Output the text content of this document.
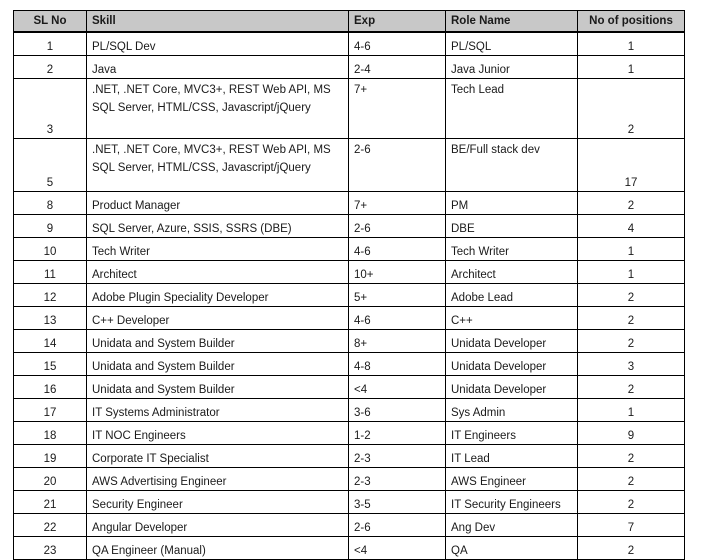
SL No	Skill	Exp	Role Name	No of positions
1	PL/SQL Dev	4-6	PL/SQL	1
2	Java	2-4	Java Junior	1
3	.NET, .NET Core, MVC3+, REST Web API, MS SQL Server, HTML/CSS, Javascript/jQuery	7+	Tech Lead	2
5	.NET, .NET Core, MVC3+, REST Web API, MS SQL Server, HTML/CSS, Javascript/jQuery	2-6	BE/Full stack dev	17
8	Product Manager	7+	PM	2
9	SQL Server, Azure, SSIS, SSRS (DBE)	2-6	DBE	4
10	Tech Writer	4-6	Tech Writer	1
11	Architect	10+	Architect	1
12	Adobe Plugin Speciality Developer	5+	Adobe Lead	2
13	C++ Developer	4-6	C++	2
14	Unidata and System Builder	8+	Unidata Developer	2
15	Unidata and System Builder	4-8	Unidata Developer	3
16	Unidata and System Builder	<4	Unidata Developer	2
17	IT Systems Administrator	3-6	Sys Admin	1
18	IT NOC Engineers	1-2	IT Engineers	9
19	Corporate IT Specialist	2-3	IT Lead	2
20	AWS Advertising Engineer	2-3	AWS Engineer	2
21	Security Engineer	3-5	IT Security Engineers	2
22	Angular Developer	2-6	Ang Dev	7
23	QA Engineer (Manual)	<4	QA	2
